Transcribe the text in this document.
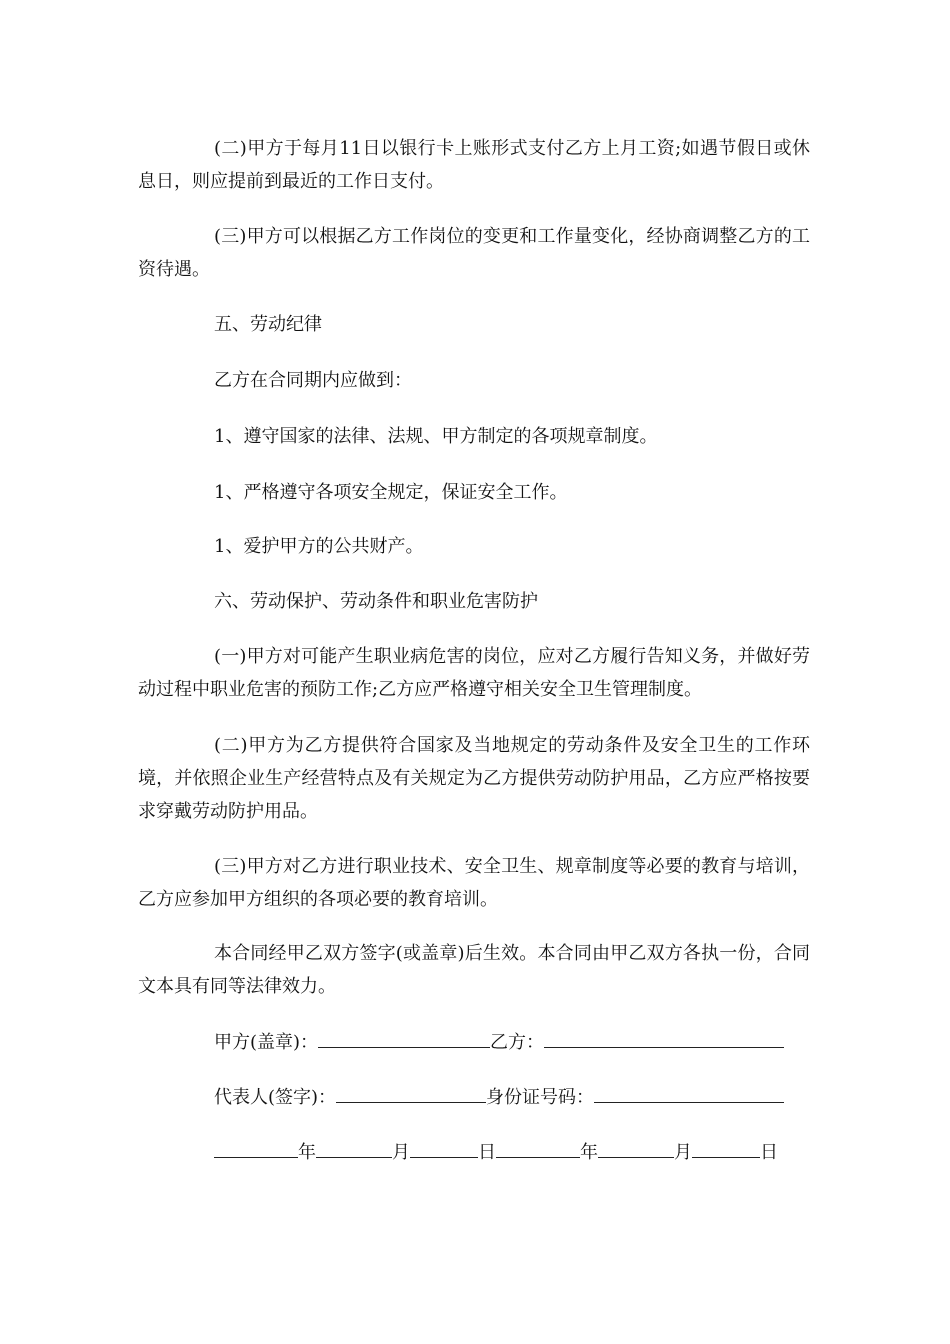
(二)甲方于每月11日以银行卡上账形式支付乙方上月工资;如遇节假日或休息日，则应提前到最近的工作日支付。

(三)甲方可以根据乙方工作岗位的变更和工作量变化，经协商调整乙方的工资待遇。

五、劳动纪律

乙方在合同期内应做到：

1、遵守国家的法律、法规、甲方制定的各项规章制度。

1、严格遵守各项安全规定，保证安全工作。

1、爱护甲方的公共财产。

六、劳动保护、劳动条件和职业危害防护

(一)甲方对可能产生职业病危害的岗位，应对乙方履行告知义务，并做好劳动过程中职业危害的预防工作;乙方应严格遵守相关安全卫生管理制度。

(二)甲方为乙方提供符合国家及当地规定的劳动条件及安全卫生的工作环境，并依照企业生产经营特点及有关规定为乙方提供劳动防护用品，乙方应严格按要求穿戴劳动防护用品。

(三)甲方对乙方进行职业技术、安全卫生、规章制度等必要的教育与培训，乙方应参加甲方组织的各项必要的教育培训。

本合同经甲乙双方签字(或盖章)后生效。本合同由甲乙双方各执一份，合同文本具有同等法律效力。

甲方(盖章)：	乙方：
代表人(签字)：	身份证号码：
年	月	日	年	月	日
